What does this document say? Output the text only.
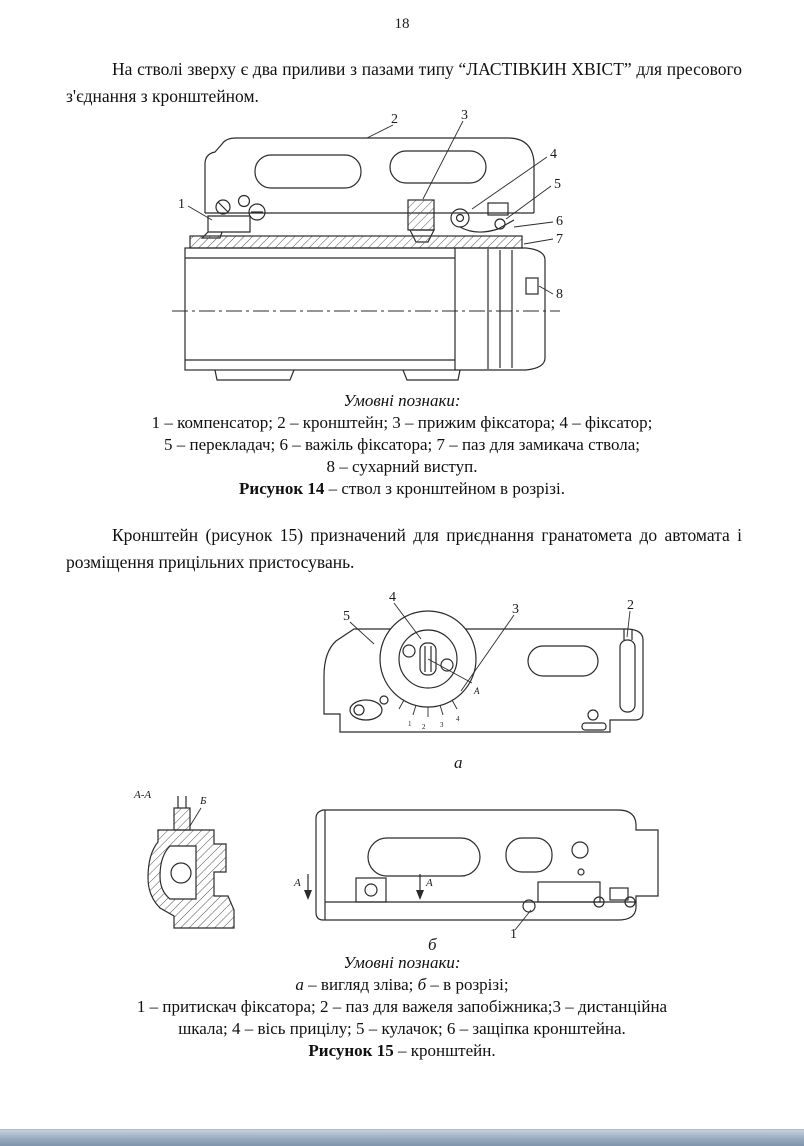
18

На стволі зверху є два приливи з пазами типу “ЛАСТІВКИН ХВІСТ” для пресового з'єднання з кронштейном.

1
2	3
4
5
6
7
8
Умовні познаки:
1 – компенсатор; 2 – кронштейн; 3 – прижим фіксатора; 4 – фіксатор;
5 – перекладач; 6 – важіль фіксатора; 7 – паз для замикача ствола;
8 – сухарний виступ.
Рисунок 14 – ствол з кронштейном в розрізі.

Кронштейн (рисунок 15) призначений для приєднання гранатомета до автомата і розміщення прицільних пристосувань.

5
4
3	2
1 2 3
4
А
а
А-А	Б
А	А
1
б
Умовні познаки:
а – вигляд зліва; б – в розрізі;
1 – притискач фіксатора; 2 – паз для важеля запобіжника;3 – дистанційна
шкала; 4 – вісь прицілу; 5 – кулачок; 6 – защіпка кронштейна.
Рисунок 15 – кронштейн.
